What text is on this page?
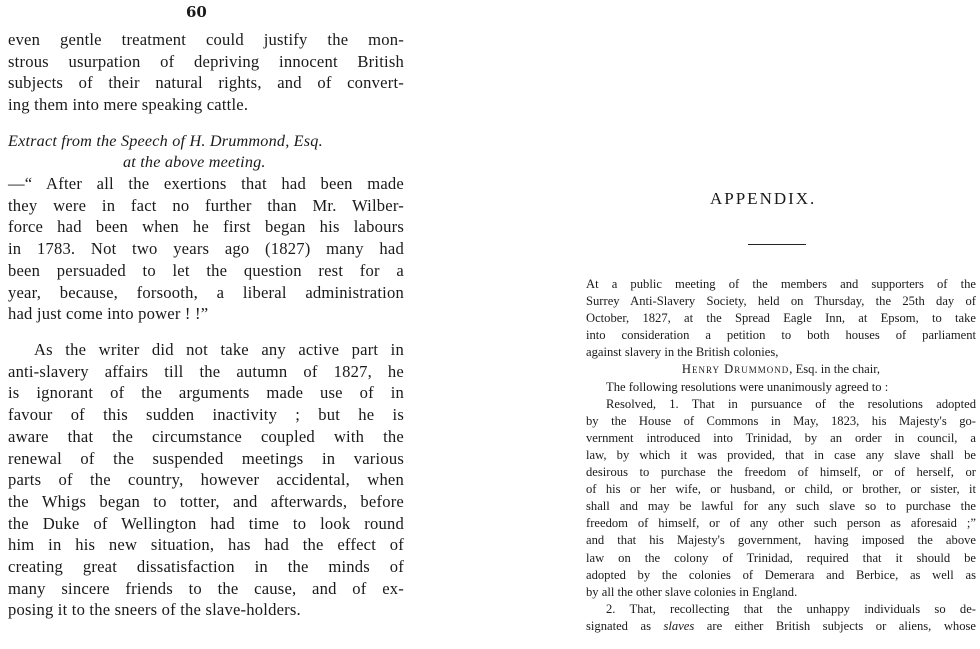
60
even gentle treatment could justify the mon-
strous usurpation of depriving innocent British
subjects of their natural rights, and of convert-
ing them into mere speaking cattle.
Extract from the Speech of H. Drummond, Esq.
at the above meeting.
—“ After all the exertions that had been made
they were in fact no further than Mr. Wilber-
force had been when he first began his labours
in 1783. Not two years ago (1827) many had
been persuaded to let the question rest for a
year, because, forsooth, a liberal administration
had just come into power ! !”
As the writer did not take any active part in
anti-slavery affairs till the autumn of 1827, he
is ignorant of the arguments made use of in
favour of this sudden inactivity ; but he is
aware that the circumstance coupled with the
renewal of the suspended meetings in various
parts of the country, however accidental, when
the Whigs began to totter, and afterwards, before
the Duke of Wellington had time to look round
him in his new situation, has had the effect of
creating great dissatisfaction in the minds of
many sincere friends to the cause, and of ex-
posing it to the sneers of the slave-holders.
APPENDIX.
At a public meeting of the members and supporters of the
Surrey Anti-Slavery Society, held on Thursday, the 25th day of
October, 1827, at the Spread Eagle Inn, at Epsom, to take
into consideration a petition to both houses of parliament
against slavery in the British colonies,
Henry Drummond, Esq. in the chair,
The following resolutions were unanimously agreed to :
Resolved, 1. That in pursuance of the resolutions adopted
by the House of Commons in May, 1823, his Majesty's go-
vernment introduced into Trinidad, by an order in council, a
law, by which it was provided, that in case any slave shall be
desirous to purchase the freedom of himself, or of herself, or
of his or her wife, or husband, or child, or brother, or sister, it
shall and may be lawful for any such slave so to purchase the
freedom of himself, or of any other such person as aforesaid ;”
and that his Majesty's government, having imposed the above
law on the colony of Trinidad, required that it should be
adopted by the colonies of Demerara and Berbice, as well as
by all the other slave colonies in England.
2. That, recollecting that the unhappy individuals so de-
signated as slaves are either British subjects or aliens, whose
